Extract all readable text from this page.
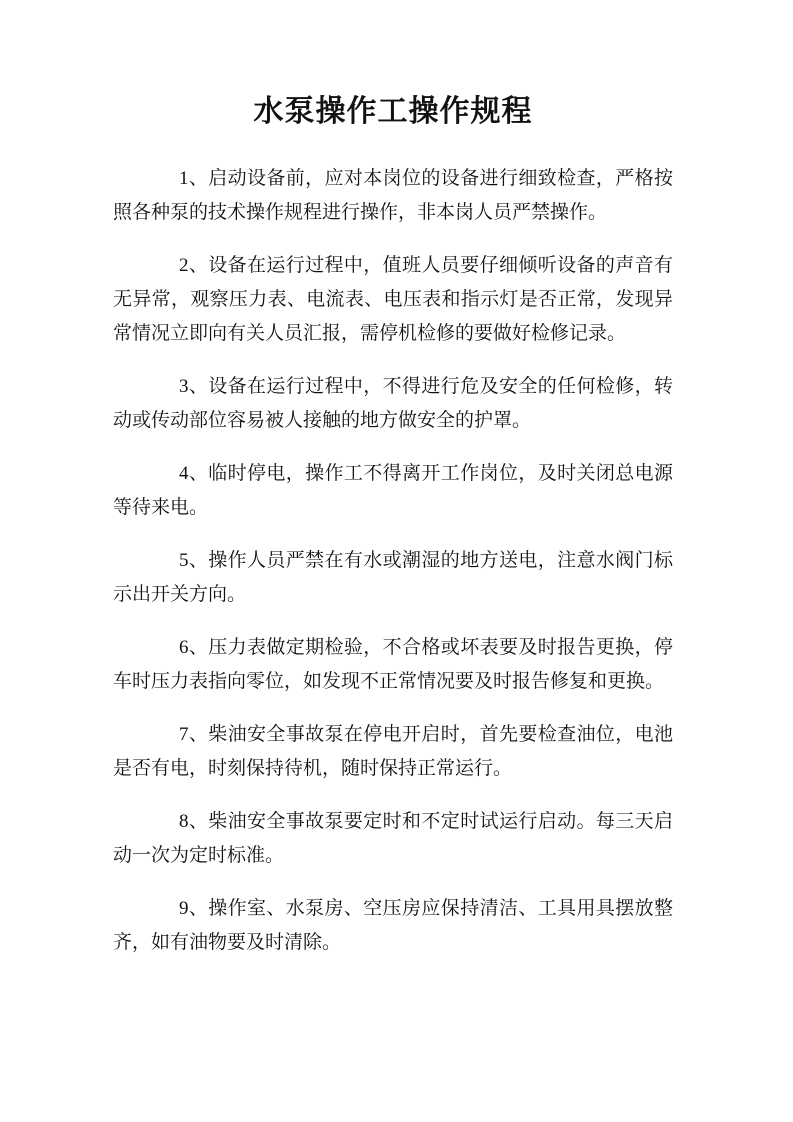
水泵操作工操作规程

1、启动设备前，应对本岗位的设备进行细致检查，严格按照各种泵的技术操作规程进行操作，非本岗人员严禁操作。

2、设备在运行过程中，值班人员要仔细倾听设备的声音有无异常，观察压力表、电流表、电压表和指示灯是否正常，发现异常情况立即向有关人员汇报，需停机检修的要做好检修记录。

3、设备在运行过程中，不得进行危及安全的任何检修，转动或传动部位容易被人接触的地方做安全的护罩。

4、临时停电，操作工不得离开工作岗位，及时关闭总电源等待来电。

5、操作人员严禁在有水或潮湿的地方送电，注意水阀门标示出开关方向。

6、压力表做定期检验，不合格或坏表要及时报告更换，停车时压力表指向零位，如发现不正常情况要及时报告修复和更换。

7、柴油安全事故泵在停电开启时，首先要检查油位，电池是否有电，时刻保持待机，随时保持正常运行。

8、柴油安全事故泵要定时和不定时试运行启动。每三天启动一次为定时标准。

9、操作室、水泵房、空压房应保持清洁、工具用具摆放整齐，如有油物要及时清除。
